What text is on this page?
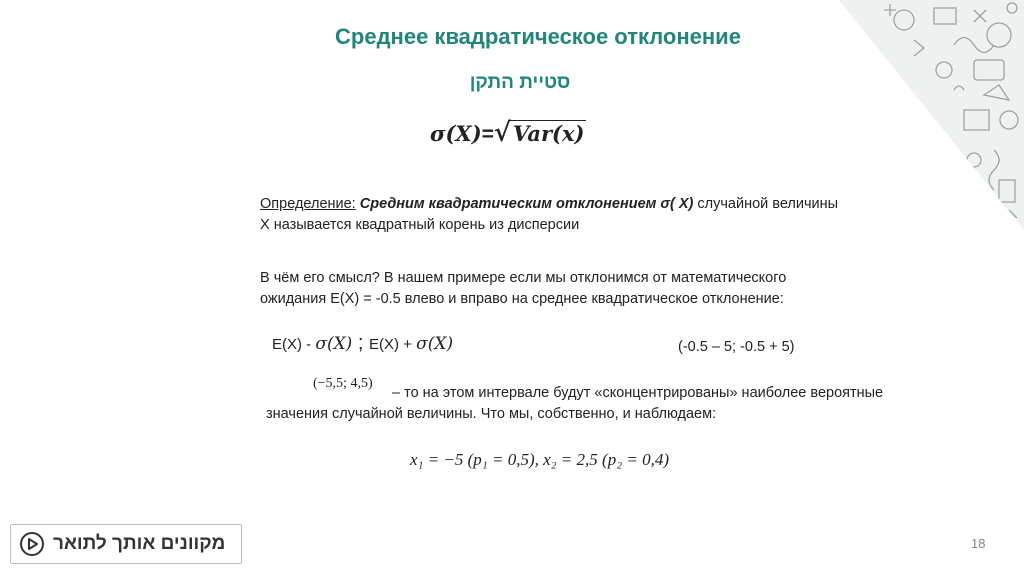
Среднее квадратическое отклонение
סטיית התקן
σ(X)=√Var(x)
Определение: Средним квадратическим отклонением σ( X) случайной величины Х называется квадратный корень из дисперсии
В чём его смысл? В нашем примере если мы отклонимся от математического ожидания Е(Х) = -0.5 влево и вправо на среднее квадратическое отклонение:
Е(Х) - σ(X) ; Е(Х) + σ(X)	(-0.5 – 5; -0.5 + 5)
(−5,5; 4,5)
– то на этом интервале будут «сконцентрированы» наиболее вероятные значения случайной величины. Что мы, собственно, и наблюдаем:
x₁ = −5 (p₁ = 0,5), x₂ = 2,5 (p₂ = 0,4)
מקוונים אותך לתואר	18
